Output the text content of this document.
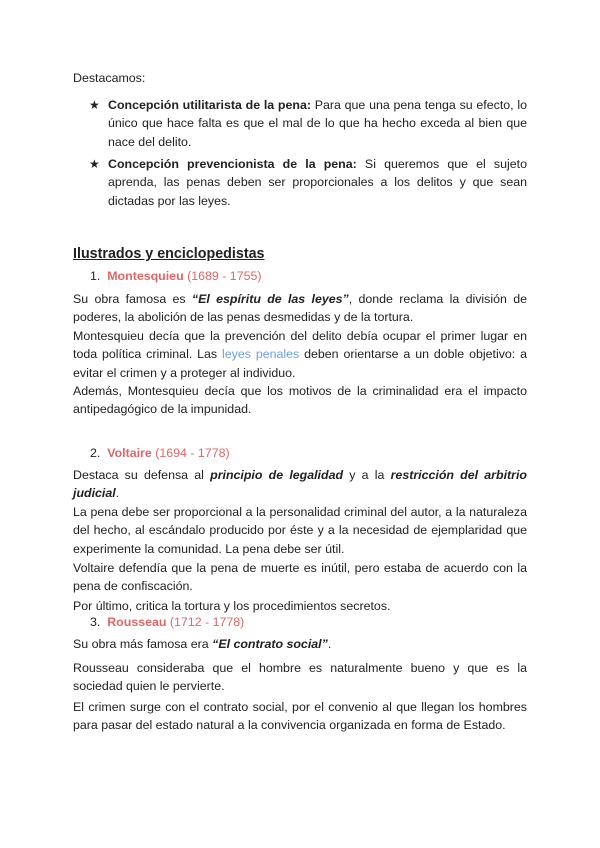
Destacamos:

★ Concepción utilitarista de la pena: Para que una pena tenga su efecto, lo único que hace falta es que el mal de lo que ha hecho exceda al bien que nace del delito.

★ Concepción prevencionista de la pena: Si queremos que el sujeto aprenda, las penas deben ser proporcionales a los delitos y que sean dictadas por las leyes.

Ilustrados y enciclopedistas

1. Montesquieu (1689 - 1755)

Su obra famosa es “El espíritu de las leyes”, donde reclama la división de poderes, la abolición de las penas desmedidas y de la tortura.

Montesquieu decía que la prevención del delito debía ocupar el primer lugar en toda política criminal. Las leyes penales deben orientarse a un doble objetivo: a evitar el crimen y a proteger al individuo.

Además, Montesquieu decía que los motivos de la criminalidad era el impacto antipedagógico de la impunidad.

2. Voltaire (1694 - 1778)

Destaca su defensa al principio de legalidad y a la restricción del arbitrio judicial.

La pena debe ser proporcional a la personalidad criminal del autor, a la naturaleza del hecho, al escándalo producido por éste y a la necesidad de ejemplaridad que experimente la comunidad. La pena debe ser útil.

Voltaire defendía que la pena de muerte es inútil, pero estaba de acuerdo con la pena de confiscación.

Por último, critica la tortura y los procedimientos secretos.

3. Rousseau (1712 - 1778)

Su obra más famosa era “El contrato social”.

Rousseau consideraba que el hombre es naturalmente bueno y que es la sociedad quien le pervierte.

El crimen surge con el contrato social, por el convenio al que llegan los hombres para pasar del estado natural a la convivencia organizada en forma de Estado.
